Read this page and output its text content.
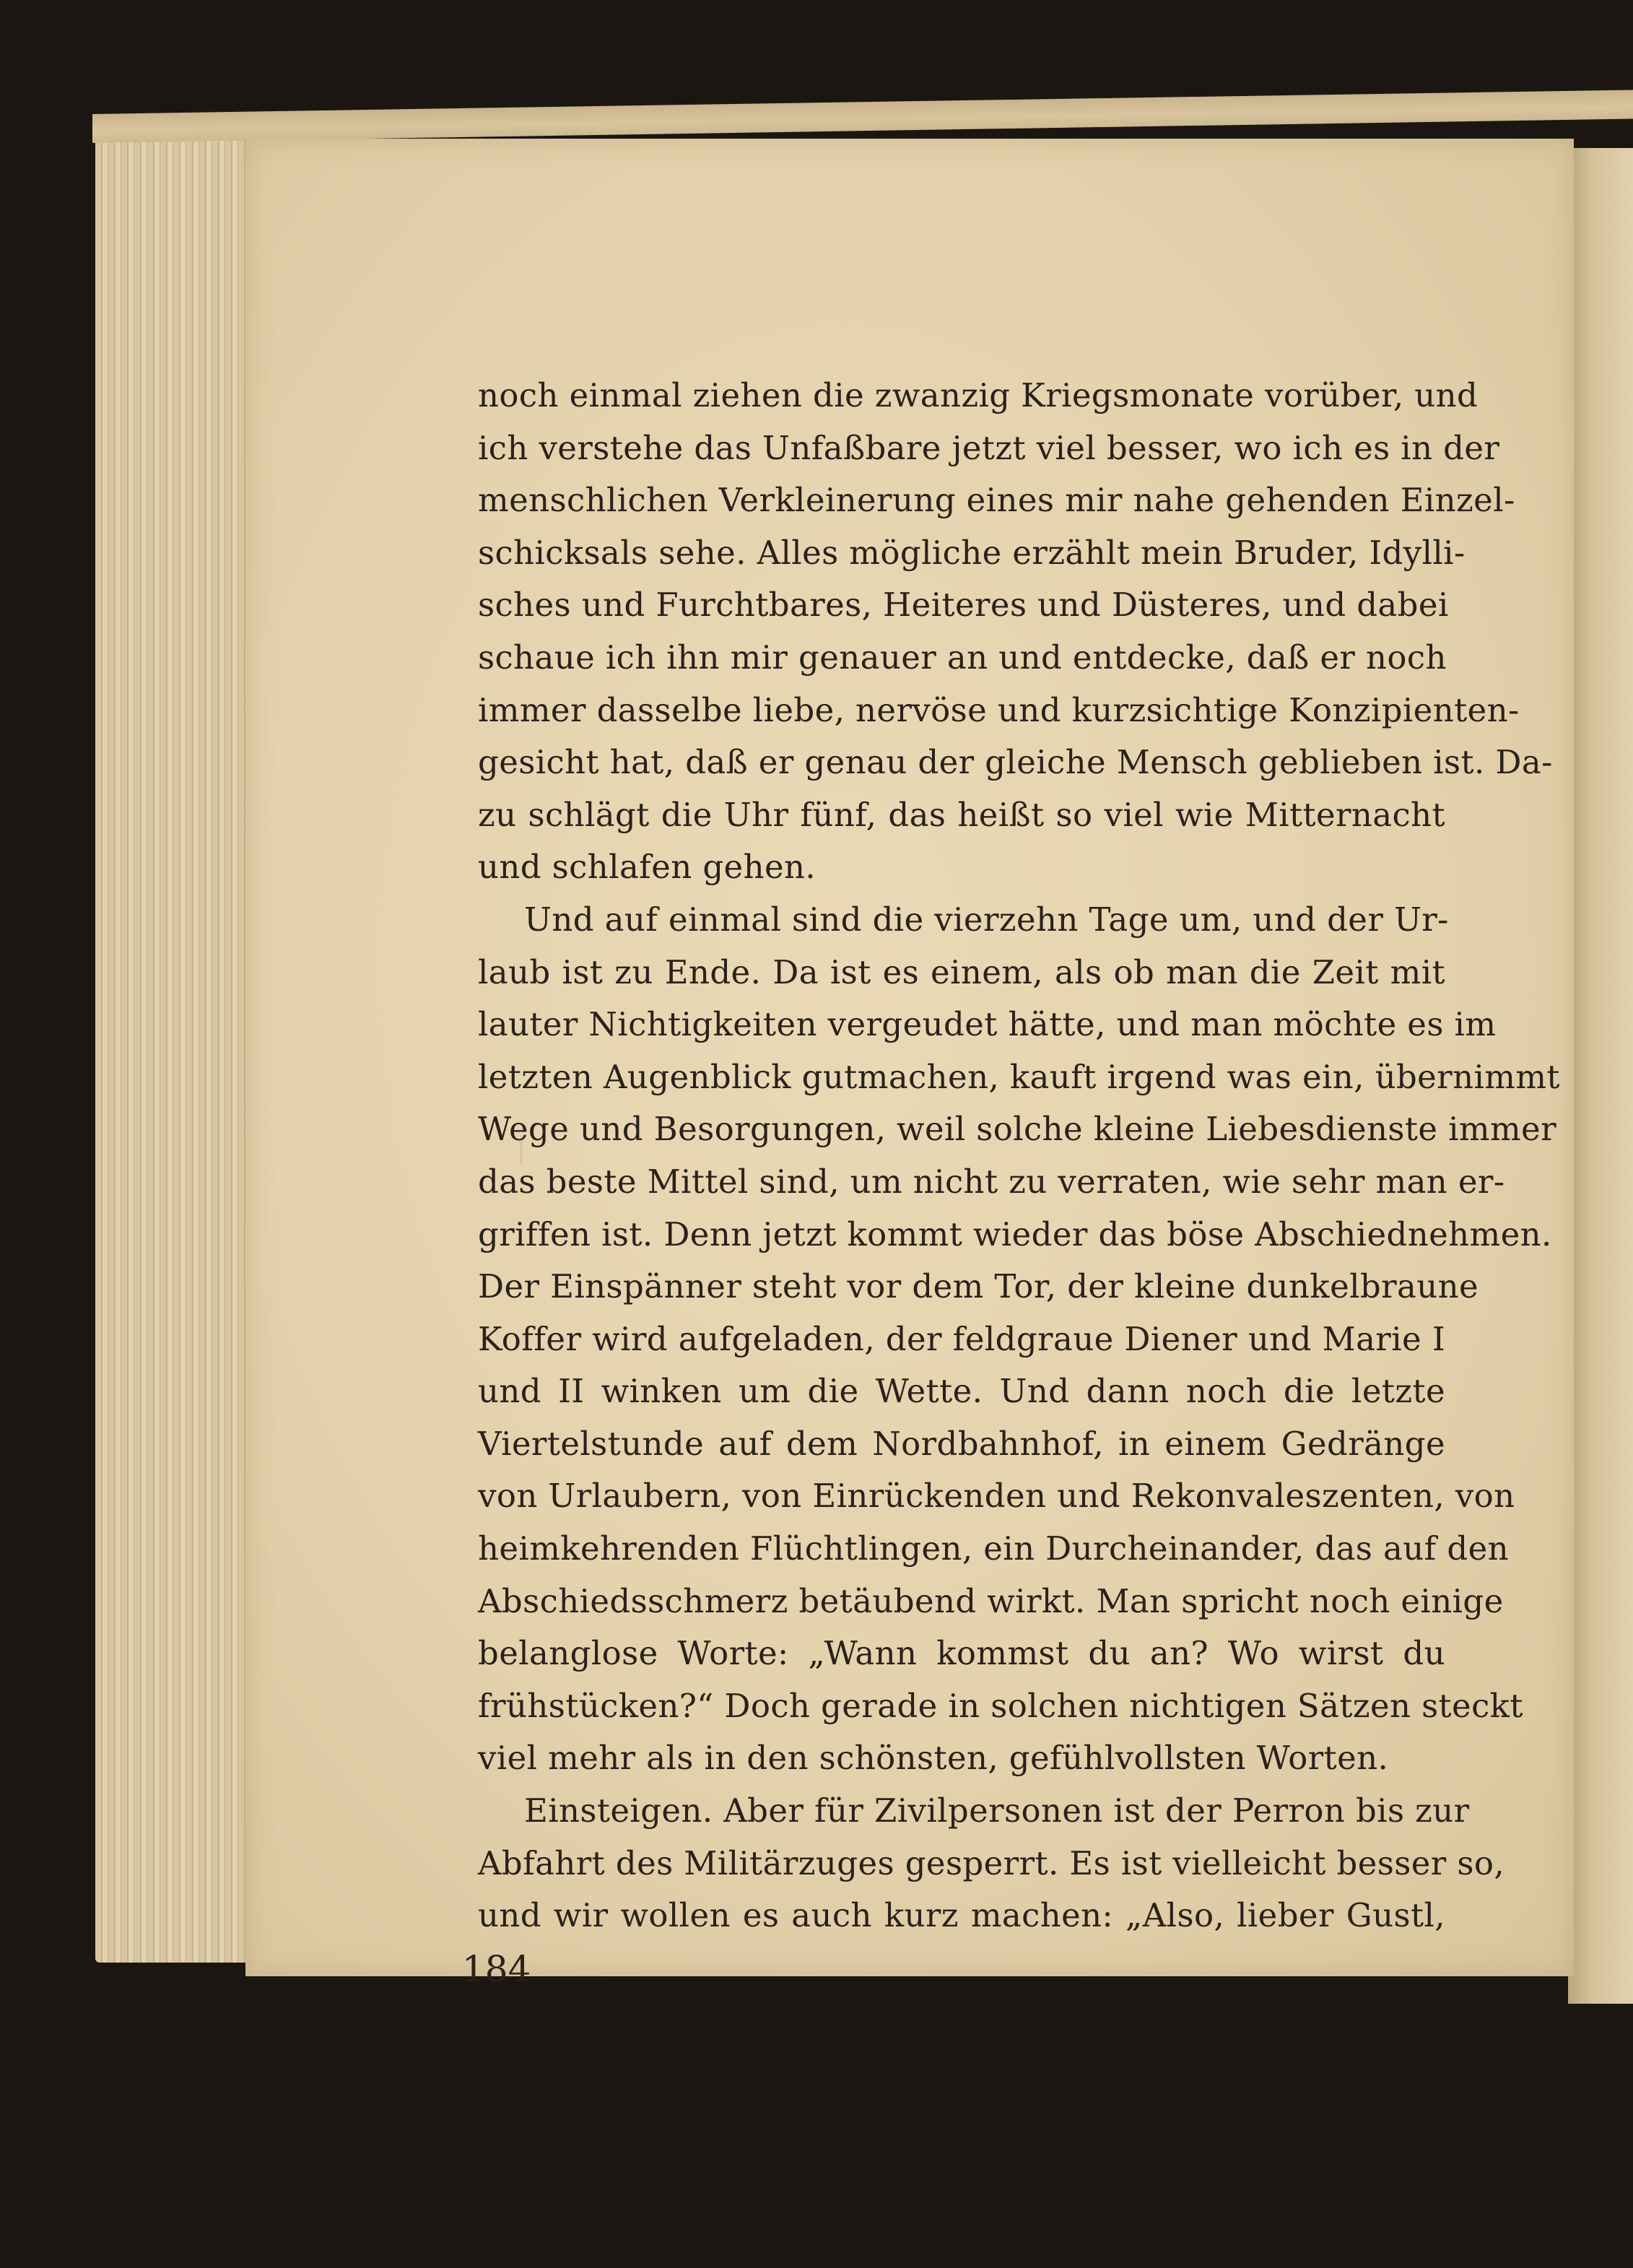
noch einmal ziehen die zwanzig Kriegsmonate vorüber, und
ich verstehe das Unfaßbare jetzt viel besser, wo ich es in der
menschlichen Verkleinerung eines mir nahe gehenden Einzel-
schicksals sehe. Alles mögliche erzählt mein Bruder, Idylli-
sches und Furchtbares, Heiteres und Düsteres, und dabei
schaue ich ihn mir genauer an und entdecke, daß er noch
immer dasselbe liebe, nervöse und kurzsichtige Konzipienten-
gesicht hat, daß er genau der gleiche Mensch geblieben ist. Da-
zu schlägt die Uhr fünf, das heißt so viel wie Mitternacht
und schlafen gehen.
Und auf einmal sind die vierzehn Tage um, und der Ur-
laub ist zu Ende. Da ist es einem, als ob man die Zeit mit
lauter Nichtigkeiten vergeudet hätte, und man möchte es im
letzten Augenblick gutmachen, kauft irgend was ein, übernimmt
Wege und Besorgungen, weil solche kleine Liebesdienste immer
das beste Mittel sind, um nicht zu verraten, wie sehr man er-
griffen ist. Denn jetzt kommt wieder das böse Abschiednehmen.
Der Einspänner steht vor dem Tor, der kleine dunkelbraune
Koffer wird aufgeladen, der feldgraue Diener und Marie I
und II winken um die Wette. Und dann noch die letzte
Viertelstunde auf dem Nordbahnhof, in einem Gedränge
von Urlaubern, von Einrückenden und Rekonvaleszenten, von
heimkehrenden Flüchtlingen, ein Durcheinander, das auf den
Abschiedsschmerz betäubend wirkt. Man spricht noch einige
belanglose Worte: „Wann kommst du an? Wo wirst du
frühstücken?“ Doch gerade in solchen nichtigen Sätzen steckt
viel mehr als in den schönsten, gefühlvollsten Worten.
Einsteigen. Aber für Zivilpersonen ist der Perron bis zur
Abfahrt des Militärzuges gesperrt. Es ist vielleicht besser so,
und wir wollen es auch kurz machen: „Also, lieber Gustl,
184
